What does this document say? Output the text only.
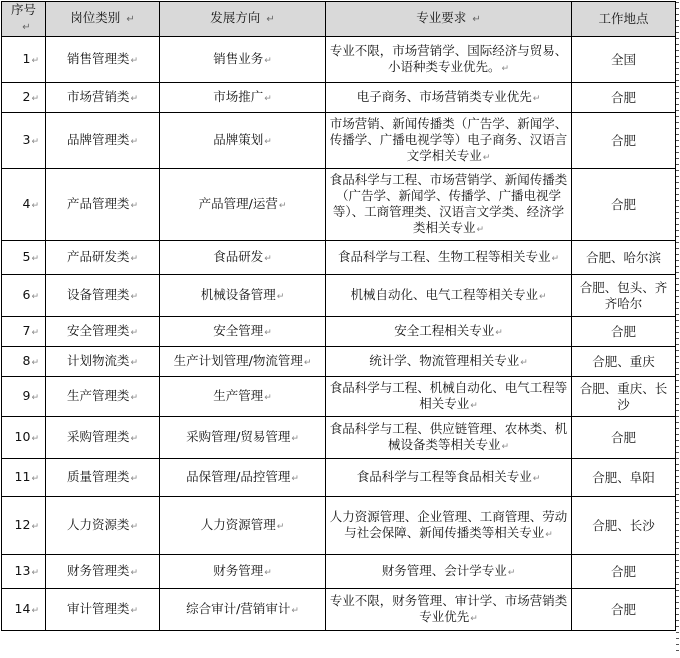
序号↵	岗位类别 ↵	发展方向 ↵	专业要求 ↵	工作地点
1↵	销售管理类↵	销售业务↵	专业不限，市场营销学、国际经济与贸易、小语种类专业优先。↵	全国
2↵	市场营销类↵	市场推广↵	电子商务、市场营销类专业优先↵	合肥
3↵	品牌管理类↵	品牌策划↵	市场营销、新闻传播类（广告学、新闻学、传播学、广播电视学等）电子商务、汉语言文学相关专业↵	合肥
4↵	产品管理类↵	产品管理/运营↵	食品科学与工程、市场营销学、新闻传播类（广告学、新闻学、传播学、广播电视学等）、工商管理类、汉语言文学类、经济学类相关专业↵	合肥
5↵	产品研发类↵	食品研发↵	食品科学与工程、生物工程等相关专业↵	合肥、哈尔滨
6↵	设备管理类↵	机械设备管理↵	机械自动化、电气工程等相关专业↵	合肥、包头、齐齐哈尔
7↵	安全管理类↵	安全管理↵	安全工程相关专业↵	合肥
8↵	计划物流类↵	生产计划管理/物流管理↵	统计学、物流管理相关专业↵	合肥、重庆
9↵	生产管理类↵	生产管理↵	食品科学与工程、机械自动化、电气工程等相关专业↵	合肥、重庆、长沙
10↵	采购管理类↵	采购管理/贸易管理↵	食品科学与工程、供应链管理、农林类、机械设备类等相关专业↵	合肥
11↵	质量管理类↵	品保管理/品控管理↵	食品科学与工程等食品相关专业↵	合肥、阜阳
12↵	人力资源类↵	人力资源管理↵	人力资源管理、企业管理、工商管理、劳动与社会保障、新闻传播类等相关专业↵	合肥、长沙
13↵	财务管理类↵	财务管理↵	财务管理、会计学专业↵	合肥
14↵	审计管理类↵	综合审计/营销审计↵	专业不限，财务管理、审计学、市场营销类专业优先↵	合肥
